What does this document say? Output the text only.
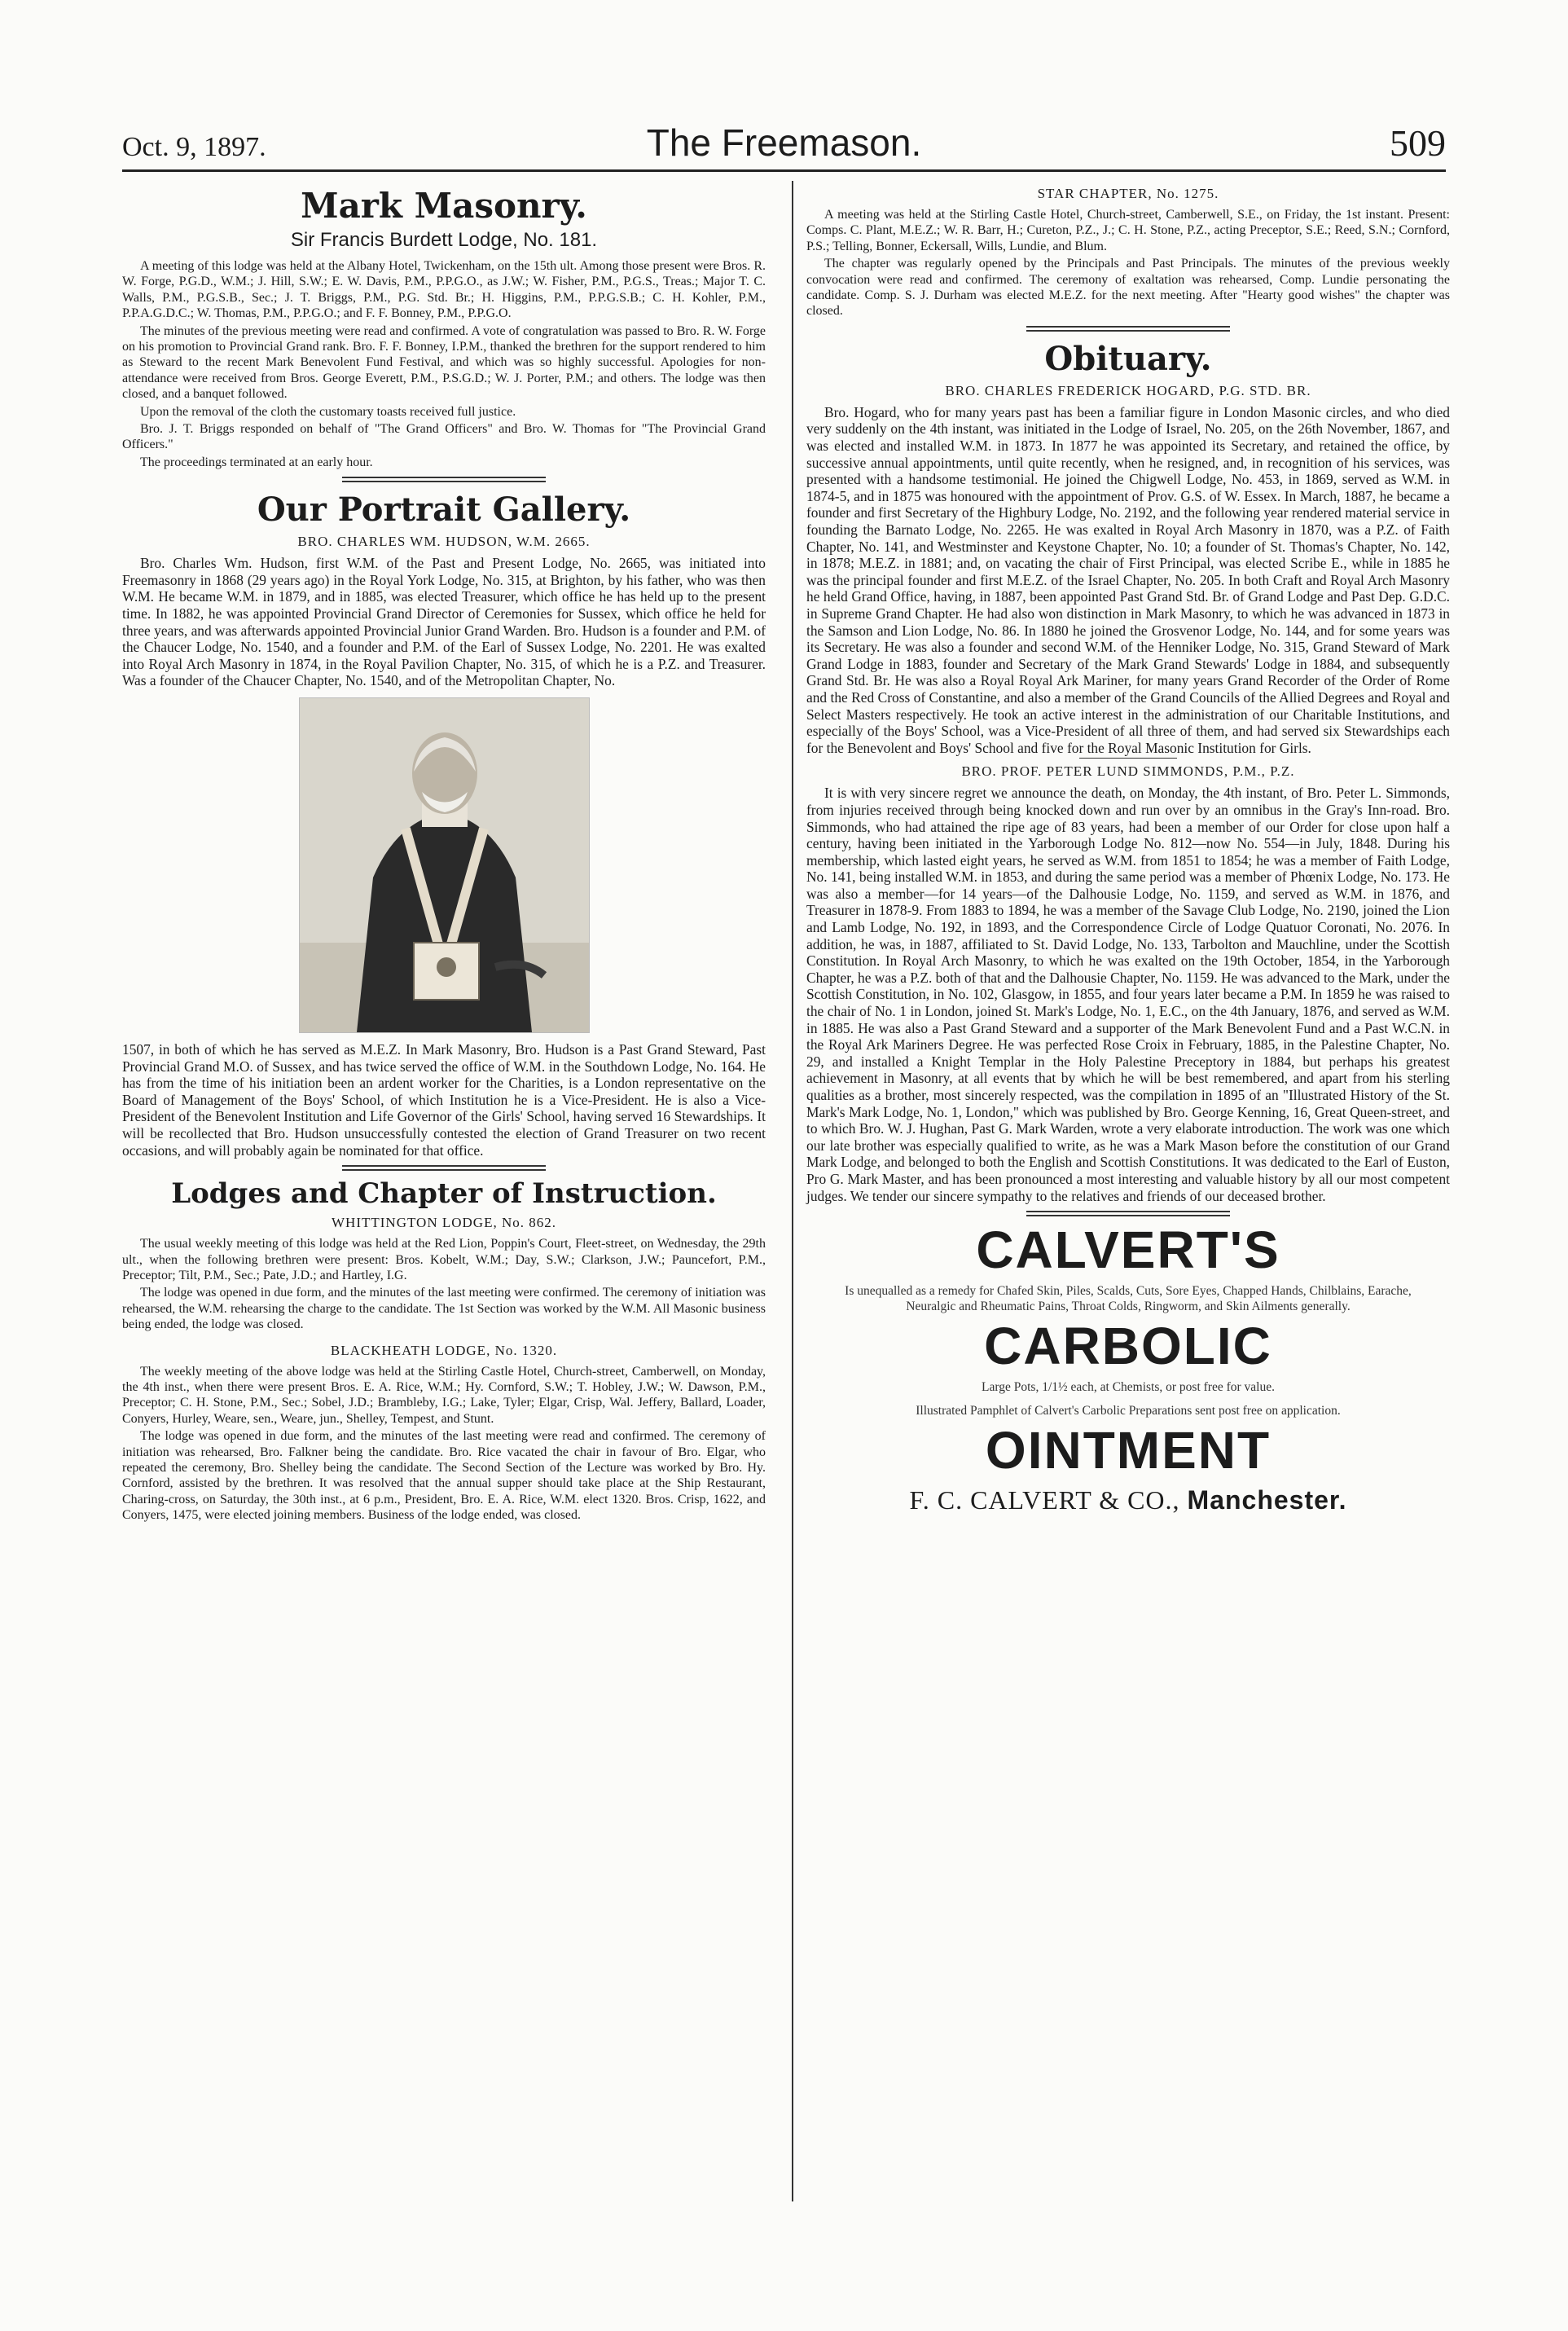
Oct. 9, 1897.	The Freemason.	509
Mark Masonry.
Sir Francis Burdett Lodge, No. 181.

A meeting of this lodge was held at the Albany Hotel, Twickenham, on the 15th ult. Among those present were Bros. R. W. Forge, P.G.D., W.M.; J. Hill, S.W.; E. W. Davis, P.M., P.P.G.O., as J.W.; W. Fisher, P.M., P.G.S., Treas.; Major T. C. Walls, P.M., P.G.S.B., Sec.; J. T. Briggs, P.M., P.G. Std. Br.; H. Higgins, P.M., P.P.G.S.B.; C. H. Kohler, P.M., P.P.A.G.D.C.; W. Thomas, P.M., P.P.G.O.; and F. F. Bonney, P.M., P.P.G.O.

The minutes of the previous meeting were read and confirmed. A vote of congratulation was passed to Bro. R. W. Forge on his promotion to Provincial Grand rank. Bro. F. F. Bonney, I.P.M., thanked the brethren for the support rendered to him as Steward to the recent Mark Benevolent Fund Festival, and which was so highly successful. Apologies for non-attendance were received from Bros. George Everett, P.M., P.S.G.D.; W. J. Porter, P.M.; and others. The lodge was then closed, and a banquet followed.

Upon the removal of the cloth the customary toasts received full justice.

Bro. J. T. Briggs responded on behalf of "The Grand Officers" and Bro. W. Thomas for "The Provincial Grand Officers."

The proceedings terminated at an early hour.

Our Portrait Gallery.
BRO. CHARLES WM. HUDSON, W.M. 2665.

Bro. Charles Wm. Hudson, first W.M. of the Past and Present Lodge, No. 2665, was initiated into Freemasonry in 1868 (29 years ago) in the Royal York Lodge, No. 315, at Brighton, by his father, who was then W.M. He became W.M. in 1879, and in 1885, was elected Treasurer, which office he has held up to the present time. In 1882, he was appointed Provincial Grand Director of Ceremonies for Sussex, which office he held for three years, and was afterwards appointed Provincial Junior Grand Warden. Bro. Hudson is a founder and P.M. of the Chaucer Lodge, No. 1540, and a founder and P.M. of the Earl of Sussex Lodge, No. 2201. He was exalted into Royal Arch Masonry in 1874, in the Royal Pavilion Chapter, No. 315, of which he is a P.Z. and Treasurer. Was a founder of the Chaucer Chapter, No. 1540, and of the Metropolitan Chapter, No.

1507, in both of which he has served as M.E.Z. In Mark Masonry, Bro. Hudson is a Past Grand Steward, Past Provincial Grand M.O. of Sussex, and has twice served the office of W.M. in the Southdown Lodge, No. 164. He has from the time of his initiation been an ardent worker for the Charities, is a London representative on the Board of Management of the Boys' School, of which Institution he is a Vice-President. He is also a Vice-President of the Benevolent Institution and Life Governor of the Girls' School, having served 16 Stewardships. It will be recollected that Bro. Hudson unsuccessfully contested the election of Grand Treasurer on two recent occasions, and will probably again be nominated for that office.

Lodges and Chapter of Instruction.
WHITTINGTON LODGE, No. 862.

The usual weekly meeting of this lodge was held at the Red Lion, Poppin's Court, Fleet-street, on Wednesday, the 29th ult., when the following brethren were present: Bros. Kobelt, W.M.; Day, S.W.; Clarkson, J.W.; Pauncefort, P.M., Preceptor; Tilt, P.M., Sec.; Pate, J.D.; and Hartley, I.G.

The lodge was opened in due form, and the minutes of the last meeting were confirmed. The ceremony of initiation was rehearsed, the W.M. rehearsing the charge to the candidate. The 1st Section was worked by the W.M. All Masonic business being ended, the lodge was closed.

BLACKHEATH LODGE, No. 1320.

The weekly meeting of the above lodge was held at the Stirling Castle Hotel, Church-street, Camberwell, on Monday, the 4th inst., when there were present Bros. E. A. Rice, W.M.; Hy. Cornford, S.W.; T. Hobley, J.W.; W. Dawson, P.M., Preceptor; C. H. Stone, P.M., Sec.; Sobel, J.D.; Brambleby, I.G.; Lake, Tyler; Elgar, Crisp, Wal. Jeffery, Ballard, Loader, Conyers, Hurley, Weare, sen., Weare, jun., Shelley, Tempest, and Stunt.

The lodge was opened in due form, and the minutes of the last meeting were read and confirmed. The ceremony of initiation was rehearsed, Bro. Falkner being the candidate. Bro. Rice vacated the chair in favour of Bro. Elgar, who repeated the ceremony, Bro. Shelley being the candidate. The Second Section of the Lecture was worked by Bro. Hy. Cornford, assisted by the brethren. It was resolved that the annual supper should take place at the Ship Restaurant, Charing-cross, on Saturday, the 30th inst., at 6 p.m., President, Bro. E. A. Rice, W.M. elect 1320. Bros. Crisp, 1622, and Conyers, 1475, were elected joining members. Business of the lodge ended, was closed.

STAR CHAPTER, No. 1275.

A meeting was held at the Stirling Castle Hotel, Church-street, Camberwell, S.E., on Friday, the 1st instant. Present: Comps. C. Plant, M.E.Z.; W. R. Barr, H.; Cureton, P.Z., J.; C. H. Stone, P.Z., acting Preceptor, S.E.; Reed, S.N.; Cornford, P.S.; Telling, Bonner, Eckersall, Wills, Lundie, and Blum.

The chapter was regularly opened by the Principals and Past Principals. The minutes of the previous weekly convocation were read and confirmed. The ceremony of exaltation was rehearsed, Comp. Lundie personating the candidate. Comp. S. J. Durham was elected M.E.Z. for the next meeting. After "Hearty good wishes" the chapter was closed.

Obituary.
BRO. CHARLES FREDERICK HOGARD, P.G. STD. BR.

Bro. Hogard, who for many years past has been a familiar figure in London Masonic circles, and who died very suddenly on the 4th instant, was initiated in the Lodge of Israel, No. 205, on the 26th November, 1867, and was elected and installed W.M. in 1873. In 1877 he was appointed its Secretary, and retained the office, by successive annual appointments, until quite recently, when he resigned, and, in recognition of his services, was presented with a handsome testimonial. He joined the Chigwell Lodge, No. 453, in 1869, served as W.M. in 1874-5, and in 1875 was honoured with the appointment of Prov. G.S. of W. Essex. In March, 1887, he became a founder and first Secretary of the Highbury Lodge, No. 2192, and the following year rendered material service in founding the Barnato Lodge, No. 2265. He was exalted in Royal Arch Masonry in 1870, was a P.Z. of Faith Chapter, No. 141, and Westminster and Keystone Chapter, No. 10; a founder of St. Thomas's Chapter, No. 142, in 1878; M.E.Z. in 1881; and, on vacating the chair of First Principal, was elected Scribe E., while in 1885 he was the principal founder and first M.E.Z. of the Israel Chapter, No. 205. In both Craft and Royal Arch Masonry he held Grand Office, having, in 1887, been appointed Past Grand Std. Br. of Grand Lodge and Past Dep. G.D.C. in Supreme Grand Chapter. He had also won distinction in Mark Masonry, to which he was advanced in 1873 in the Samson and Lion Lodge, No. 86. In 1880 he joined the Grosvenor Lodge, No. 144, and for some years was its Secretary. He was also a founder and second W.M. of the Henniker Lodge, No. 315, Grand Steward of Mark Grand Lodge in 1883, founder and Secretary of the Mark Grand Stewards' Lodge in 1884, and subsequently Grand Std. Br. He was also a Royal Royal Ark Mariner, for many years Grand Recorder of the Order of Rome and the Red Cross of Constantine, and also a member of the Grand Councils of the Allied Degrees and Royal and Select Masters respectively. He took an active interest in the administration of our Charitable Institutions, and especially of the Boys' School, was a Vice-President of all three of them, and had served six Stewardships each for the Benevolent and Boys' School and five for the Royal Masonic Institution for Girls.

BRO. PROF. PETER LUND SIMMONDS, P.M., P.Z.

It is with very sincere regret we announce the death, on Monday, the 4th instant, of Bro. Peter L. Simmonds, from injuries received through being knocked down and run over by an omnibus in the Gray's Inn-road. Bro. Simmonds, who had attained the ripe age of 83 years, had been a member of our Order for close upon half a century, having been initiated in the Yarborough Lodge No. 812—now No. 554—in July, 1848. During his membership, which lasted eight years, he served as W.M. from 1851 to 1854; he was a member of Faith Lodge, No. 141, being installed W.M. in 1853, and during the same period was a member of Phœnix Lodge, No. 173. He was also a member—for 14 years—of the Dalhousie Lodge, No. 1159, and served as W.M. in 1876, and Treasurer in 1878-9. From 1883 to 1894, he was a member of the Savage Club Lodge, No. 2190, joined the Lion and Lamb Lodge, No. 192, in 1893, and the Correspondence Circle of Lodge Quatuor Coronati, No. 2076. In addition, he was, in 1887, affiliated to St. David Lodge, No. 133, Tarbolton and Mauchline, under the Scottish Constitution. In Royal Arch Masonry, to which he was exalted on the 19th October, 1854, in the Yarborough Chapter, he was a P.Z. both of that and the Dalhousie Chapter, No. 1159. He was advanced to the Mark, under the Scottish Constitution, in No. 102, Glasgow, in 1855, and four years later became a P.M. In 1859 he was raised to the chair of No. 1 in London, joined St. Mark's Lodge, No. 1, E.C., on the 4th January, 1876, and served as W.M. in 1885. He was also a Past Grand Steward and a supporter of the Mark Benevolent Fund and a Past W.C.N. in the Royal Ark Mariners Degree. He was perfected Rose Croix in February, 1885, in the Palestine Chapter, No. 29, and installed a Knight Templar in the Holy Palestine Preceptory in 1884, but perhaps his greatest achievement in Masonry, at all events that by which he will be best remembered, and apart from his sterling qualities as a brother, most sincerely respected, was the compilation in 1895 of an "Illustrated History of the St. Mark's Mark Lodge, No. 1, London," which was published by Bro. George Kenning, 16, Great Queen-street, and to which Bro. W. J. Hughan, Past G. Mark Warden, wrote a very elaborate introduction. The work was one which our late brother was especially qualified to write, as he was a Mark Mason before the constitution of our Grand Mark Lodge, and belonged to both the English and Scottish Constitutions. It was dedicated to the Earl of Euston, Pro G. Mark Master, and has been pronounced a most interesting and valuable history by all our most competent judges. We tender our sincere sympathy to the relatives and friends of our deceased brother.

CALVERT'S
Is unequalled as a remedy for Chafed Skin, Piles, Scalds, Cuts, Sore Eyes, Chapped Hands, Chilblains, Earache, Neuralgic and Rheumatic Pains, Throat Colds, Ringworm, and Skin Ailments generally.
CARBOLIC
Large Pots, 1/1½ each, at Chemists, or post free for value.
Illustrated Pamphlet of Calvert's Carbolic Preparations sent post free on application.
OINTMENT
F. C. CALVERT & CO., Manchester.
